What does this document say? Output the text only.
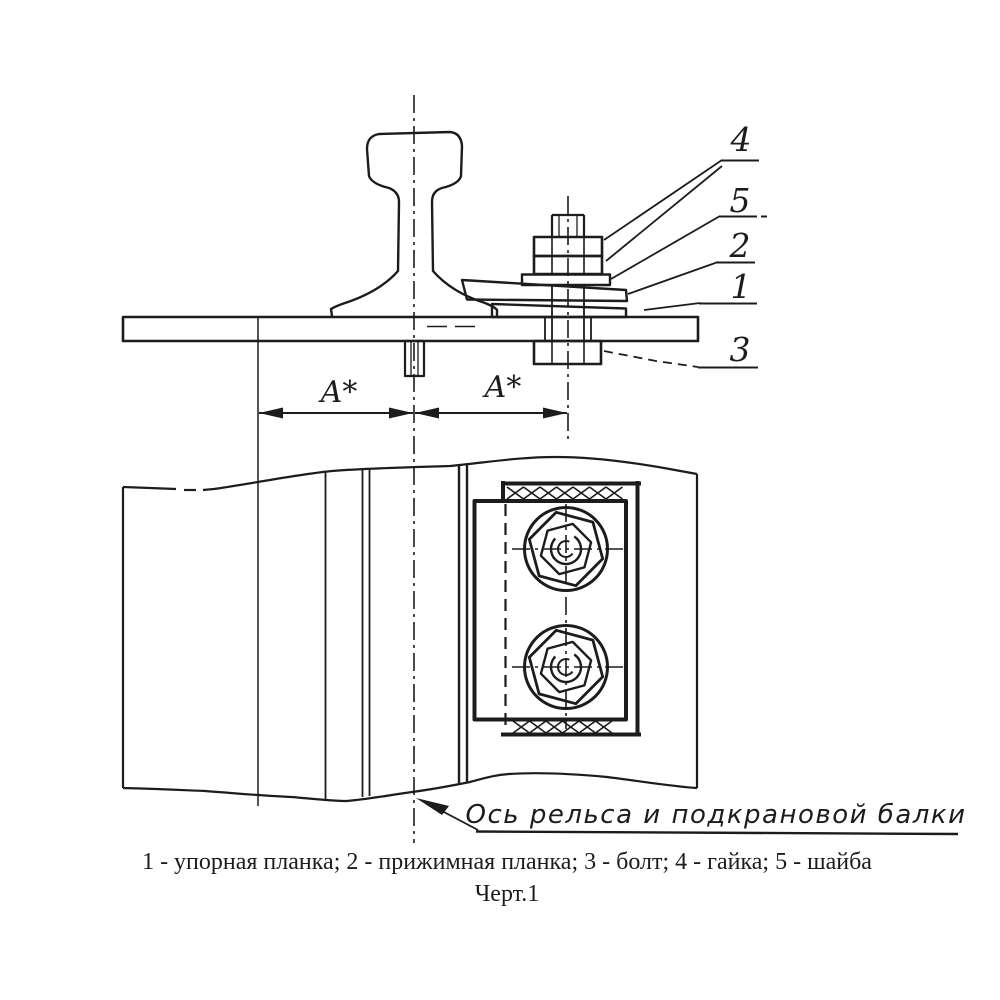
A*	A*
4
5
2
1
3
Ось рельса и подкрановой балки
1 - упорная планка; 2 - прижимная планка; 3 - болт; 4 - гайка; 5 - шайба
Черт.1
